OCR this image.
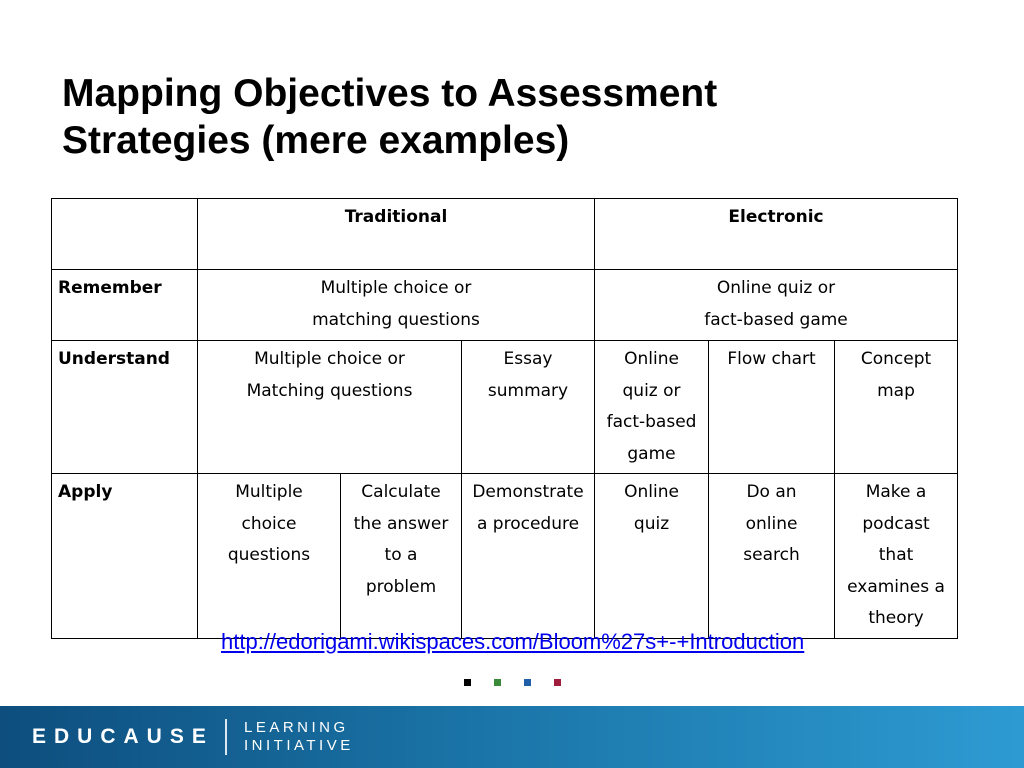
Mapping Objectives to Assessment
Strategies (mere examples)
	Traditional			Electronic		
Remember	Multiple choice or
matching questions			Online quiz or
fact-based game		

Understand	Multiple choice or
Matching questions		Essay
summary	Online
quiz or
fact-based
game	Flow chart	Concept
map

Apply	Multiple
choice
questions	Calculate
the answer
to a
problem	Demonstrate
a procedure	Online
quiz	Do an
online
search	Make a
podcast
that
examines a
theory
http://edorigami.wikispaces.com/Bloom%27s+-+Introduction
EDUCAUSE LEARNING
INITIATIVE
